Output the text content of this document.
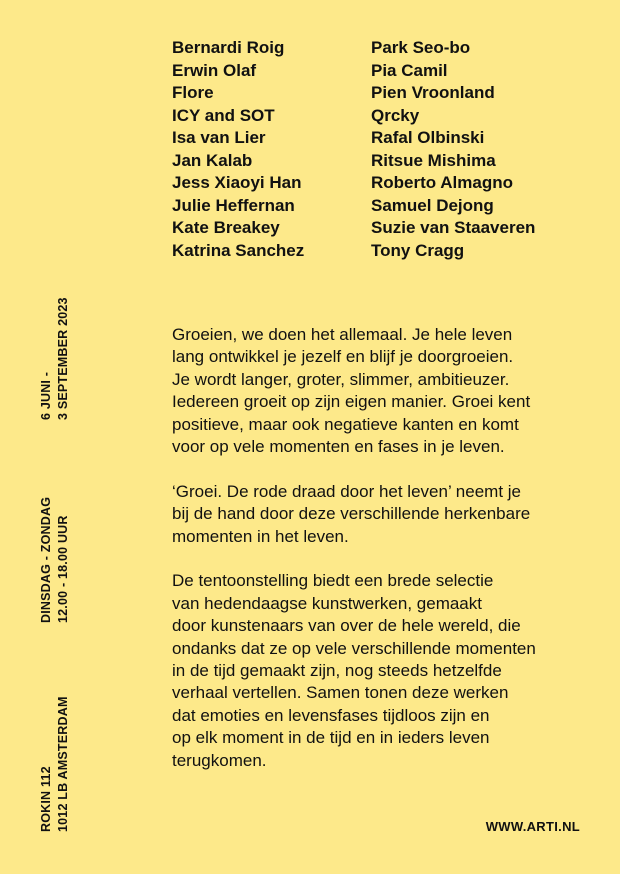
Bernardi Roig
Erwin Olaf
Flore
ICY and SOT
Isa van Lier
Jan Kalab
Jess Xiaoyi Han
Julie Heffernan
Kate Breakey
Katrina Sanchez
Park Seo-bo
Pia Camil
Pien Vroonland
Qrcky
Rafal Olbinski
Ritsue Mishima
Roberto Almagno
Samuel Dejong
Suzie van Staaveren
Tony Cragg

Groeien, we doen het allemaal. Je hele leven
lang ontwikkel je jezelf en blijf je doorgroeien.
Je wordt langer, groter, slimmer, ambitieuzer.
Iedereen groeit op zijn eigen manier. Groei kent
positieve, maar ook negatieve kanten en komt
voor op vele momenten en fases in je leven.

‘Groei. De rode draad door het leven’ neemt je
bij de hand door deze verschillende herkenbare
momenten in het leven.

De tentoonstelling biedt een brede selectie
van hedendaagse kunstwerken, gemaakt
door kunstenaars van over de hele wereld, die
ondanks dat ze op vele verschillende momenten
in de tijd gemaakt zijn, nog steeds hetzelfde
verhaal vertellen. Samen tonen deze werken
dat emoties en levensfases tijdloos zijn en
op elk moment in de tijd en in ieders leven
terugkomen.

6 JUNI - 3 SEPTEMBER 2023
DINSDAG - ZONDAG 12.00 - 18.00 UUR
ROKIN 112 1012 LB AMSTERDAM	WWW.ARTI.NL
